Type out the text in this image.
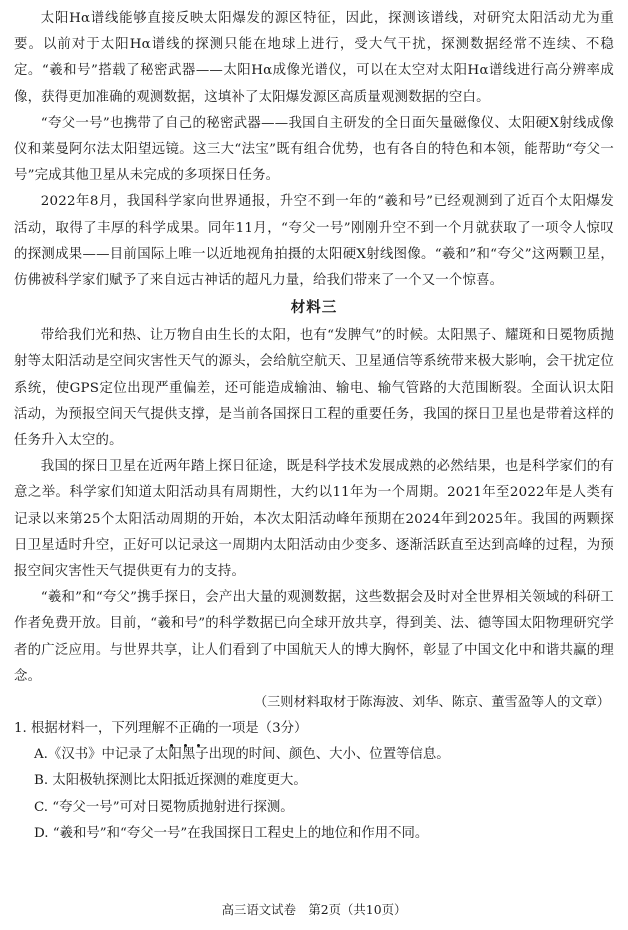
太阳Hα谱线能够直接反映太阳爆发的源区特征，因此，探测该谱线，对研究太阳活动尤为重要。以前对于太阳Hα谱线的探测只能在地球上进行，受大气干扰，探测数据经常不连续、不稳定。“羲和号”搭载了秘密武器——太阳Hα成像光谱仪，可以在太空对太阳Hα谱线进行高分辨率成像，获得更加准确的观测数据，这填补了太阳爆发源区高质量观测数据的空白。

“夸父一号”也携带了自己的秘密武器——我国自主研发的全日面矢量磁像仪、太阳硬X射线成像仪和莱曼阿尔法太阳望远镜。这三大“法宝”既有组合优势，也有各自的特色和本领，能帮助“夸父一号”完成其他卫星从未完成的多项探日任务。

2022年8月，我国科学家向世界通报，升空不到一年的“羲和号”已经观测到了近百个太阳爆发活动，取得了丰厚的科学成果。同年11月，“夸父一号”刚刚升空不到一个月就获取了一项令人惊叹的探测成果——目前国际上唯一以近地视角拍摄的太阳硬X射线图像。“羲和”和“夸父”这两颗卫星，仿佛被科学家们赋予了来自远古神话的超凡力量，给我们带来了一个又一个惊喜。

材料三

带给我们光和热、让万物自由生长的太阳，也有“发脾气”的时候。太阳黑子、耀斑和日冕物质抛射等太阳活动是空间灾害性天气的源头，会给航空航天、卫星通信等系统带来极大影响，会干扰定位系统，使GPS定位出现严重偏差，还可能造成输油、输电、输气管路的大范围断裂。全面认识太阳活动，为预报空间天气提供支撑，是当前各国探日工程的重要任务，我国的探日卫星也是带着这样的任务升入太空的。

我国的探日卫星在近两年踏上探日征途，既是科学技术发展成熟的必然结果，也是科学家们的有意之举。科学家们知道太阳活动具有周期性，大约以11年为一个周期。2021年至2022年是人类有记录以来第25个太阳活动周期的开始，本次太阳活动峰年预期在2024年到2025年。我国的两颗探日卫星适时升空，正好可以记录这一周期内太阳活动由少变多、逐渐活跃直至达到高峰的过程，为预报空间灾害性天气提供更有力的支持。

“羲和”和“夸父”携手探日，会产出大量的观测数据，这些数据会及时对全世界相关领域的科研工作者免费开放。目前，“羲和号”的科学数据已向全球开放共享，得到美、法、德等国太阳物理研究学者的广泛应用。与世界共享，让人们看到了中国航天人的博大胸怀，彰显了中国文化中和谐共赢的理念。

（三则材料取材于陈海波、刘华、陈京、董雪盈等人的文章）

1. 根据材料一，下列理解不正确的一项是（3分）

A.《汉书》中记录了太阳黑子出现的时间、颜色、大小、位置等信息。

B. 太阳极轨探测比太阳抵近探测的难度更大。

C. “夸父一号”可对日冕物质抛射进行探测。

D. “羲和号”和“夸父一号”在我国探日工程史上的地位和作用不同。

高三语文试卷　第2页（共10页）
